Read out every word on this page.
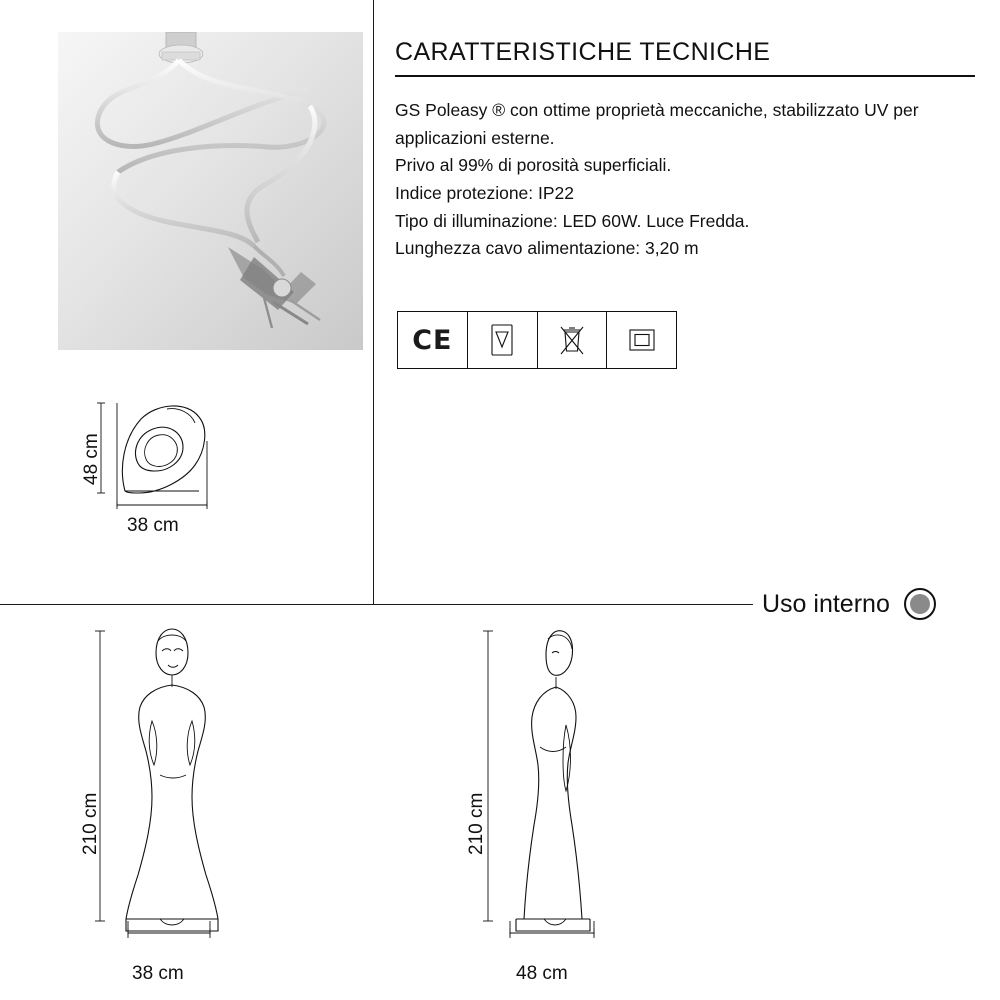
CARATTERISTICHE TECNICHE

GS Poleasy ® con ottime proprietà meccaniche, stabilizzato UV per applicazioni esterne.

Privo al 99% di porosità superficiali.

Indice protezione: IP22

Tipo di illuminazione: LED 60W. Luce Fredda.

Lunghezza cavo alimentazione: 3,20 m

CE
Uso interno
48 cm
38 cm
210 cm
38 cm
210 cm
48 cm
